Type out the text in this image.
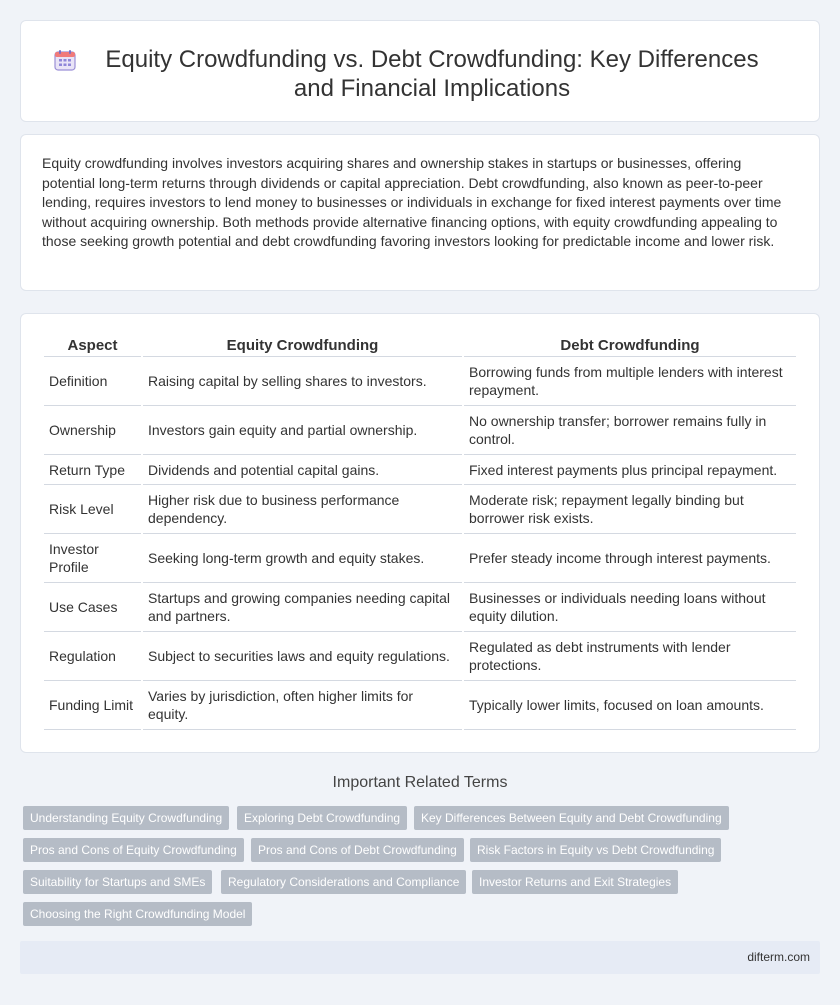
Equity Crowdfunding vs. Debt Crowdfunding: Key Differences and Financial Implications

Equity crowdfunding involves investors acquiring shares and ownership stakes in startups or businesses, offering potential long-term returns through dividends or capital appreciation. Debt crowdfunding, also known as peer-to-peer lending, requires investors to lend money to businesses or individuals in exchange for fixed interest payments over time without acquiring ownership. Both methods provide alternative financing options, with equity crowdfunding appealing to those seeking growth potential and debt crowdfunding favoring investors looking for predictable income and lower risk.

Aspect	Equity Crowdfunding	Debt Crowdfunding
Definition	Raising capital by selling shares to investors.	Borrowing funds from multiple lenders with interest repayment.
Ownership	Investors gain equity and partial ownership.	No ownership transfer; borrower remains fully in control.
Return Type	Dividends and potential capital gains.	Fixed interest payments plus principal repayment.
Risk Level	Higher risk due to business performance dependency.	Moderate risk; repayment legally binding but borrower risk exists.
Investor Profile	Seeking long-term growth and equity stakes.	Prefer steady income through interest payments.
Use Cases	Startups and growing companies needing capital and partners.	Businesses or individuals needing loans without equity dilution.
Regulation	Subject to securities laws and equity regulations.	Regulated as debt instruments with lender protections.
Funding Limit	Varies by jurisdiction, often higher limits for equity.	Typically lower limits, focused on loan amounts.
Important Related Terms
Understanding Equity Crowdfunding	Exploring Debt Crowdfunding	Key Differences Between Equity and Debt Crowdfunding
Pros and Cons of Equity Crowdfunding	Pros and Cons of Debt Crowdfunding	Risk Factors in Equity vs Debt Crowdfunding
Suitability for Startups and SMEs	Regulatory Considerations and Compliance	Investor Returns and Exit Strategies
Choosing the Right Crowdfunding Model
difterm.com
